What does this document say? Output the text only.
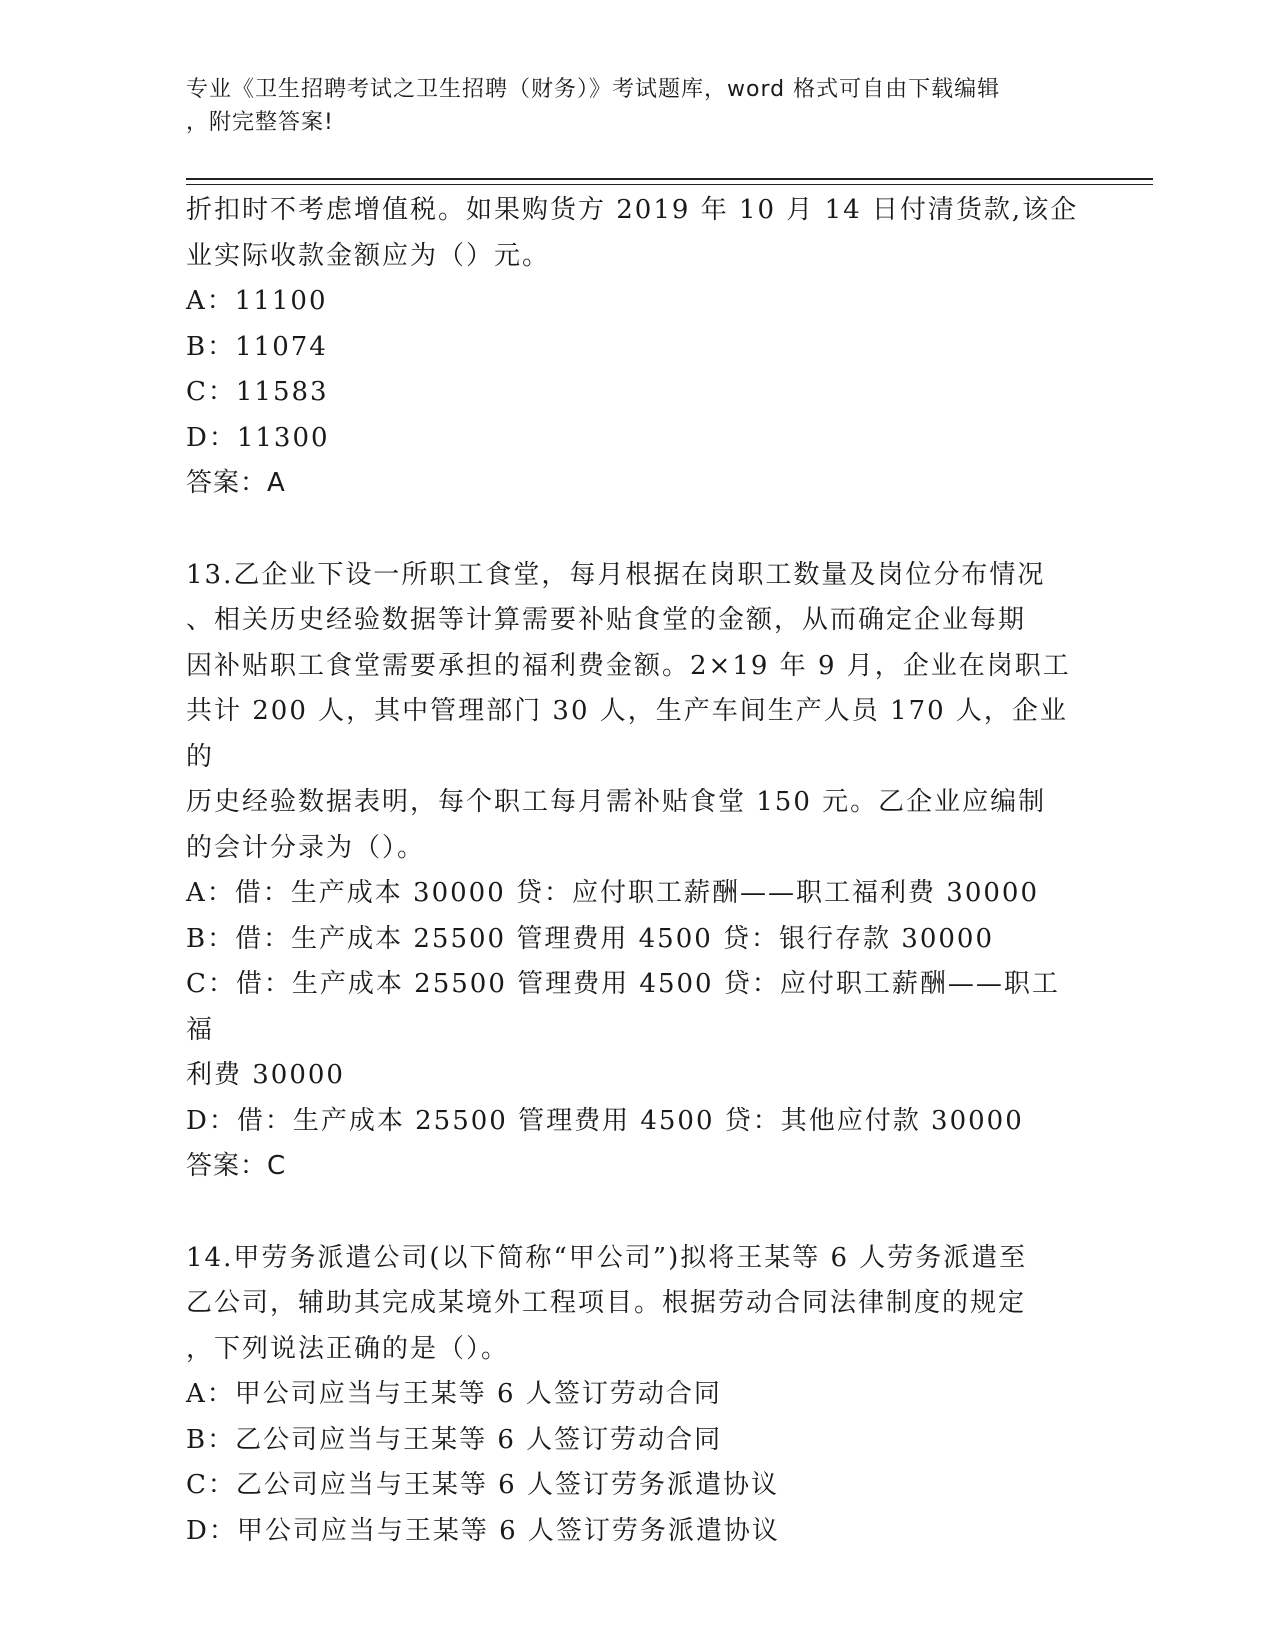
专业《卫生招聘考试之卫生招聘（财务）》考试题库，word 格式可自由下载编辑
，附完整答案!

折扣时不考虑增值税。如果购货方 2019 年 10 月 14 日付清货款,该企

业实际收款金额应为（）元。

A：11100

B：11074

C：11583

D：11300

答案：A

13.乙企业下设一所职工食堂，每月根据在岗职工数量及岗位分布情况

、相关历史经验数据等计算需要补贴食堂的金额，从而确定企业每期

因补贴职工食堂需要承担的福利费金额。2×19 年 9 月，企业在岗职工

共计 200 人，其中管理部门 30 人，生产车间生产人员 170 人，企业的

历史经验数据表明，每个职工每月需补贴食堂 150 元。乙企业应编制

的会计分录为（）。

A：借：生产成本 30000 贷：应付职工薪酬——职工福利费 30000

B：借：生产成本 25500 管理费用 4500 贷：银行存款 30000

C：借：生产成本 25500 管理费用 4500 贷：应付职工薪酬——职工福

利费 30000

D：借：生产成本 25500 管理费用 4500 贷：其他应付款 30000

答案：C

14.甲劳务派遣公司(以下简称“甲公司”)拟将王某等 6 人劳务派遣至

乙公司，辅助其完成某境外工程项目。根据劳动合同法律制度的规定

，下列说法正确的是（）。

A：甲公司应当与王某等 6 人签订劳动合同

B：乙公司应当与王某等 6 人签订劳动合同

C：乙公司应当与王某等 6 人签订劳务派遣协议

D：甲公司应当与王某等 6 人签订劳务派遣协议
